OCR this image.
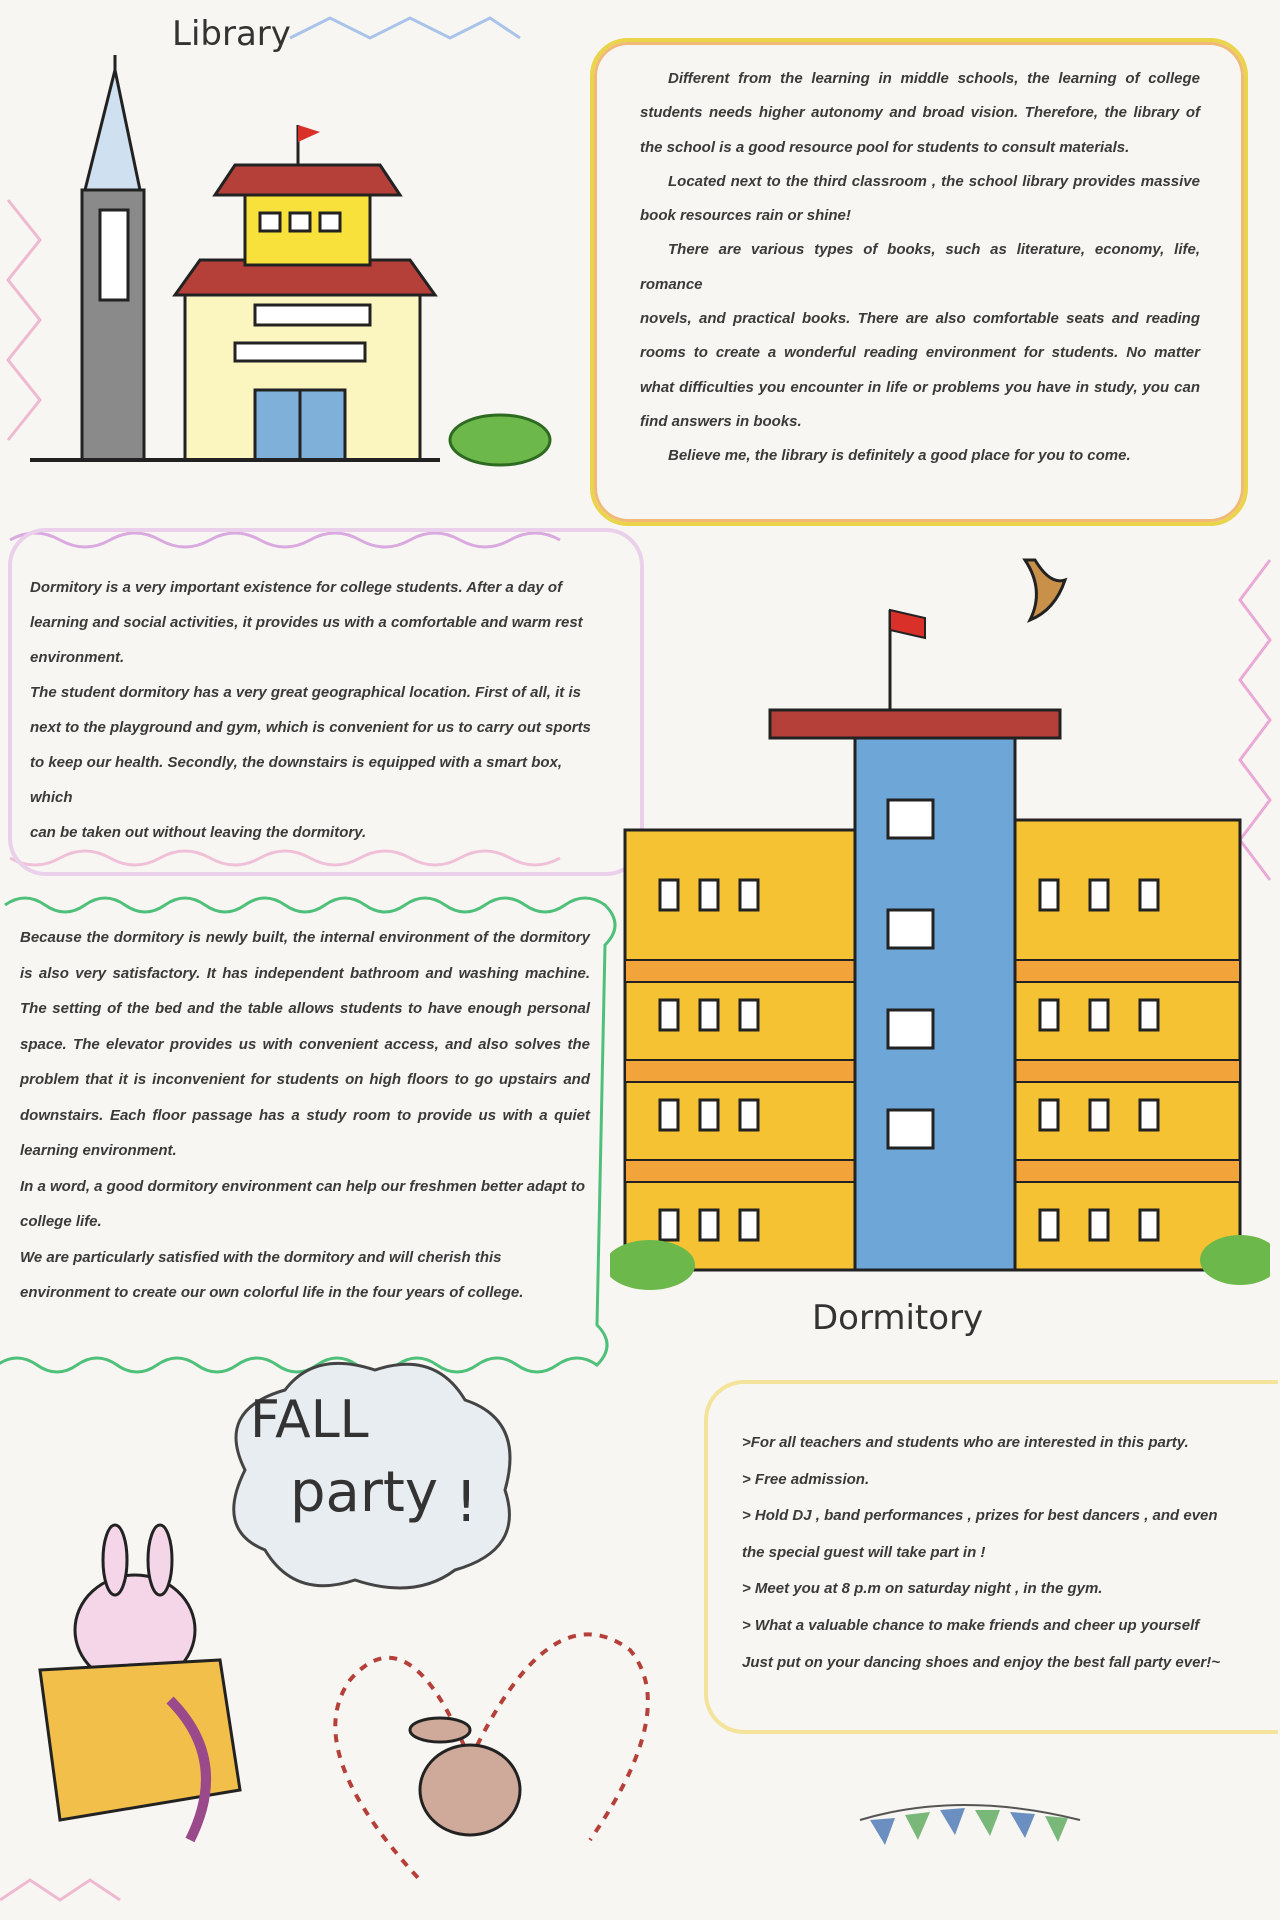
Library

Different from the learning in middle schools, the learning of college students needs higher autonomy and broad vision. Therefore, the library of the school is a good resource pool for students to consult materials.

Located next to the third classroom , the school library provides massive book resources rain or shine!

There are various types of books, such as literature, economy, life, romance

novels, and practical books. There are also comfortable seats and reading rooms to create a wonderful reading environment for students. No matter what difficulties you encounter in life or problems you have in study, you can find answers in books.

Believe me, the library is definitely a good place for you to come.

Dormitory is a very important existence for college students. After a day of learning and social activities, it provides us with a comfortable and warm rest environment.

The student dormitory has a very great geographical location. First of all, it is next to the playground and gym, which is convenient for us to carry out sports to keep our health. Secondly, the downstairs is equipped with a smart box, which

can be taken out without leaving the dormitory.

Because the dormitory is newly built, the internal environment of the dormitory is also very satisfactory. It has independent bathroom and washing machine. The setting of the bed and the table allows students to have enough personal space. The elevator provides us with convenient access, and also solves the problem that it is inconvenient for students on high floors to go upstairs and downstairs. Each floor passage has a study room to provide us with a quiet learning environment.

In a word, a good dormitory environment can help our freshmen better adapt to college life.

We are particularly satisfied with the dormitory and will cherish this environment to create our own colorful life in the four years of college.

Dormitory
FALL
party !

>For all teachers and students who are interested in this party.

> Free admission.

> Hold DJ , band performances , prizes for best dancers , and even

the special guest will take part in !

> Meet you at 8 p.m on saturday night , in the gym.

> What a valuable chance to make friends and cheer up yourself

Just put on your dancing shoes and enjoy the best fall party ever!~
